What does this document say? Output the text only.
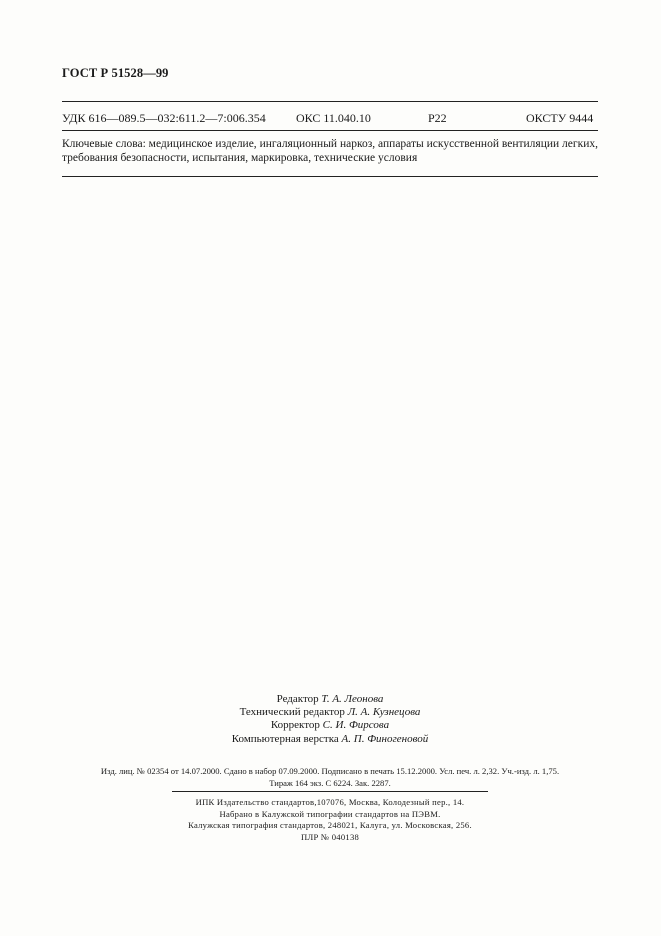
ГОСТ Р 51528—99
УДК 616—089.5—032:611.2—7:006.354	ОКС 11.040.10	Р22	ОКСТУ 9444
Ключевые слова: медицинское изделие, ингаляционный наркоз, аппараты искусственной вентиляции легких, требования безопасности, испытания, маркировка, технические условия
Редактор Т. А. Леонова
Технический редактор Л. А. Кузнецова
Корректор С. И. Фирсова
Компьютерная верстка А. П. Финогеновой
Изд. лиц. № 02354 от 14.07.2000. Сдано в набор 07.09.2000. Подписано в печать 15.12.2000. Усл. печ. л. 2,32. Уч.-изд. л. 1,75.
Тираж 164 экз. С 6224. Зак. 2287.
ИПК Издательство стандартов,107076, Москва, Колодезный пер., 14.
Набрано в Калужской типографии стандартов на ПЭВМ.
Калужская типография стандартов, 248021, Калуга, ул. Московская, 256.
ПЛР № 040138
